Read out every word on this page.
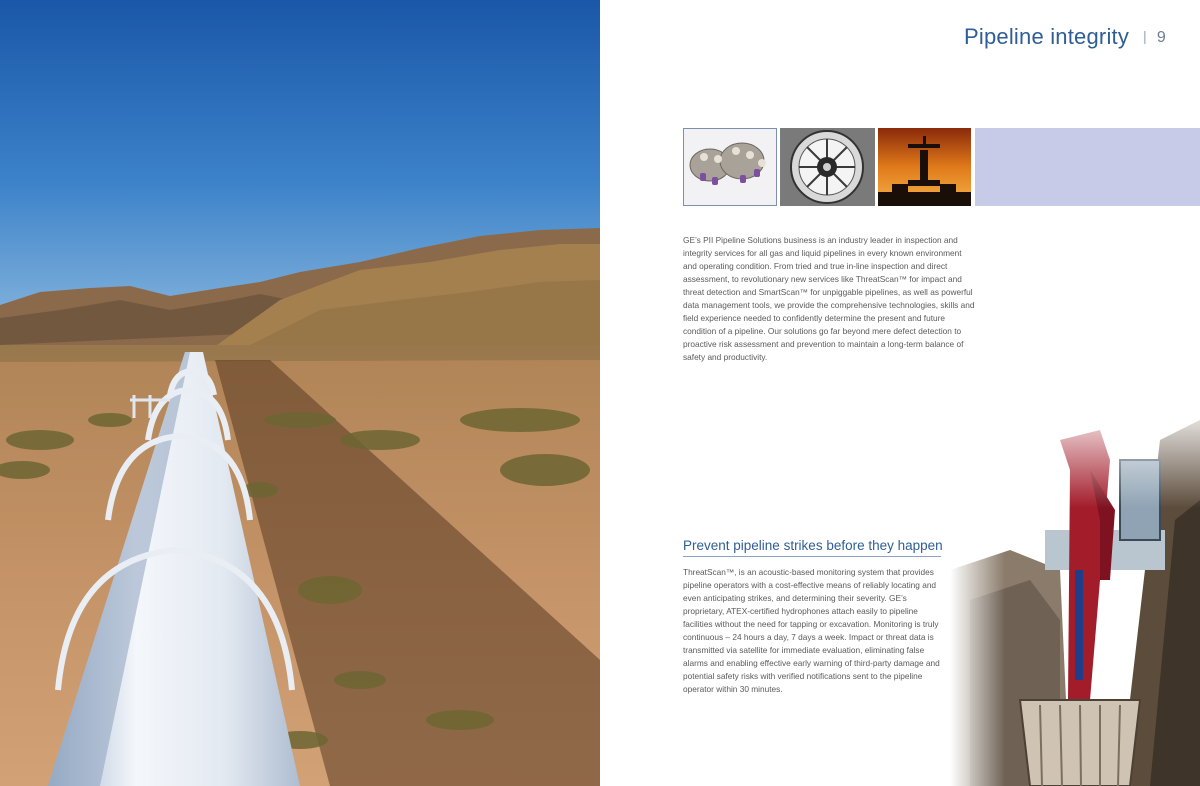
Pipeline integrity | 9
GE’s PII Pipeline Solutions business is an industry leader in inspection and integrity services for all gas and liquid pipelines in every known environment and operating condition. From tried and true in-line inspection and direct assessment, to revolutionary new services like ThreatScan™ for impact and threat detection and SmartScan™ for unpiggable pipelines, as well as powerful data management tools, we provide the comprehensive technologies, skills and field experience needed to confidently determine the present and future condition of a pipeline. Our solutions go far beyond mere defect detection to proactive risk assessment and prevention to maintain a long-term balance of safety and productivity.
Prevent pipeline strikes before they happen
ThreatScan™, is an acoustic-based monitoring system that provides pipeline operators with a cost-effective means of reliably locating and even anticipating strikes, and determining their severity. GE’s proprietary, ATEX-certified hydrophones attach easily to pipeline facilities without the need for tapping or excavation. Monitoring is truly continuous – 24 hours a day, 7 days a week. Impact or threat data is transmitted via satellite for immediate evaluation, eliminating false alarms and enabling effective early warning of third-party damage and potential safety risks with verified notifications sent to the pipeline operator within 30 minutes.
